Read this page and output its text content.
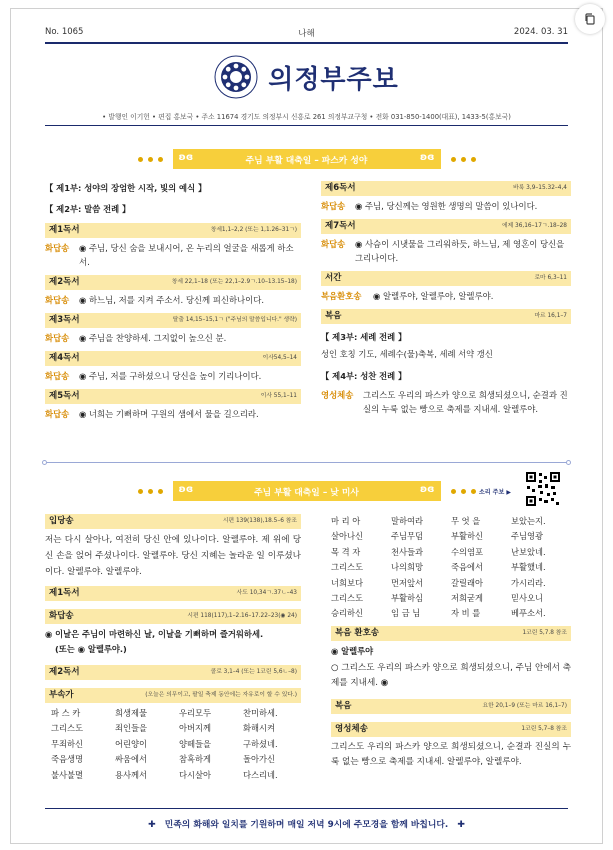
No. 1065	나해	2024. 03. 31
의정부주보
• 발행인 이기헌 • 편집 홍보국 • 주소 11674 경기도 의정부시 신흥로 261 의정부교구청 • 전화 031-850-1400(대표), 1433-5(홍보국)
ʚɞ	주님 부활 대축일 – 파스카 성야	ʚɞ
【 제1부: 성야의 장엄한 시작, 빛의 예식 】
【 제2부: 말씀 전례 】
제1독서	창세1,1–2,2 (또는 1,1.26–31ㄱ)
화답송	◉ 주님, 당신 숨을 보내시어, 온 누리의 얼굴을 새롭게 하소서.
제2독서	창세 22,1–18 (또는 22,1–2.9ㄱ.10–13.15–18)
화답송	◉ 하느님, 저를 지켜 주소서. 당신께 피신하나이다.
제3독서	탈출 14,15–15,1ㄱ ("주님의 말씀입니다." 생략)
화답송	◉ 주님을 찬양하세. 그지없이 높으신 분.
제4독서	이사54,5–14
화답송	◉ 주님, 저를 구하셨으니 당신을 높이 기리나이다.
제5독서	이사 55,1–11
화답송	◉ 너희는 기뻐하며 구원의 샘에서 물을 길으리라.
제6독서	바룩 3,9–15.32–4,4
화답송	◉ 주님, 당신께는 영원한 생명의 말씀이 있나이다.
제7독서	에제 36,16–17ㄱ.18–28
화답송	◉ 사슴이 시냇물을 그리워하듯, 하느님, 제 영혼이 당신을 그리나이다.
서간	로마 6,3–11
복음환호송	◉ 알렐루야, 알렐루야, 알렐루야.
복음	마르 16,1–7
【 제3부: 세례 전례 】
성인 호칭 기도, 세례수(물)축복, 세례 서약 갱신
【 제4부: 성찬 전례 】
영성체송	그리스도 우리의 파스카 양으로 희생되셨으니, 순결과 진실의 누룩 없는 빵으로 축제를 지내세. 알렐루야.
ʚɞ	주님 부활 대축일 – 낮 미사	ʚɞ	소리 주보 ▶
입당송	시편 139(138),18.5–6 참조
저는 다시 살아나, 여전히 당신 안에 있나이다. 알렐루야. 제 위에 당신 손을 얹어 주셨나이다. 알렐루야. 당신 지혜는 놀라운 일 이루셨나이다. 알렐루야. 알렐루야.
제1독서	사도 10,34ㄱ.37ㄴ–43
화답송	시편 118(117),1–2.16–17.22–23(◉ 24)
◉ 이날은 주님이 마련하신 날, 이날을 기뻐하며 즐거워하세.
(또는 ◉ 알렐루야.)
제2독서	콜로 3,1–4 (또는 1코린 5,6ㄴ–8)
부속가	(오늘은 의무이고, 팔일 축제 동안에는 자유로이 할 수 있다.)
파 스 카	희생제물	우리모두	찬미하세.
그리스도	죄인들을	아버지께	화해시켜
무죄하신	어린양이	양떼들을	구하셨네.
죽음생명	싸움에서	참혹하게	돌아가신
불사불멸	용사께서	다시살아	다스리네.
마 리 아	말하여라	무 엇 을	보았는지.
살아나신	주님무덤	부활하신	주님영광
목 격 자	천사들과	수의염포	난보았네.
그리스도	나의희망	죽음에서	부활했네.
너희보다	먼저앞서	갈릴래아	가시리라.
그리스도	부활하심	저희굳게	믿사오니
승리하신	임 금 님	자 비 를	베푸소서.
복음 환호송	1코린 5,7.8 참조
◉ 알렐루야
○ 그리스도 우리의 파스카 양으로 희생되셨으니, 주님 안에서 축제를 지내세. ◉
복음	요한 20,1–9 (또는 마르 16,1–7)
영성체송	1코린 5,7–8 참조
그리스도 우리의 파스카 양으로 희생되셨으니, 순결과 진실의 누룩 없는 빵으로 축제를 지내세. 알렐루야, 알렐루야.
✚ 민족의 화해와 일치를 기원하며 매일 저녁 9시에 주모경을 함께 바칩니다. ✚
